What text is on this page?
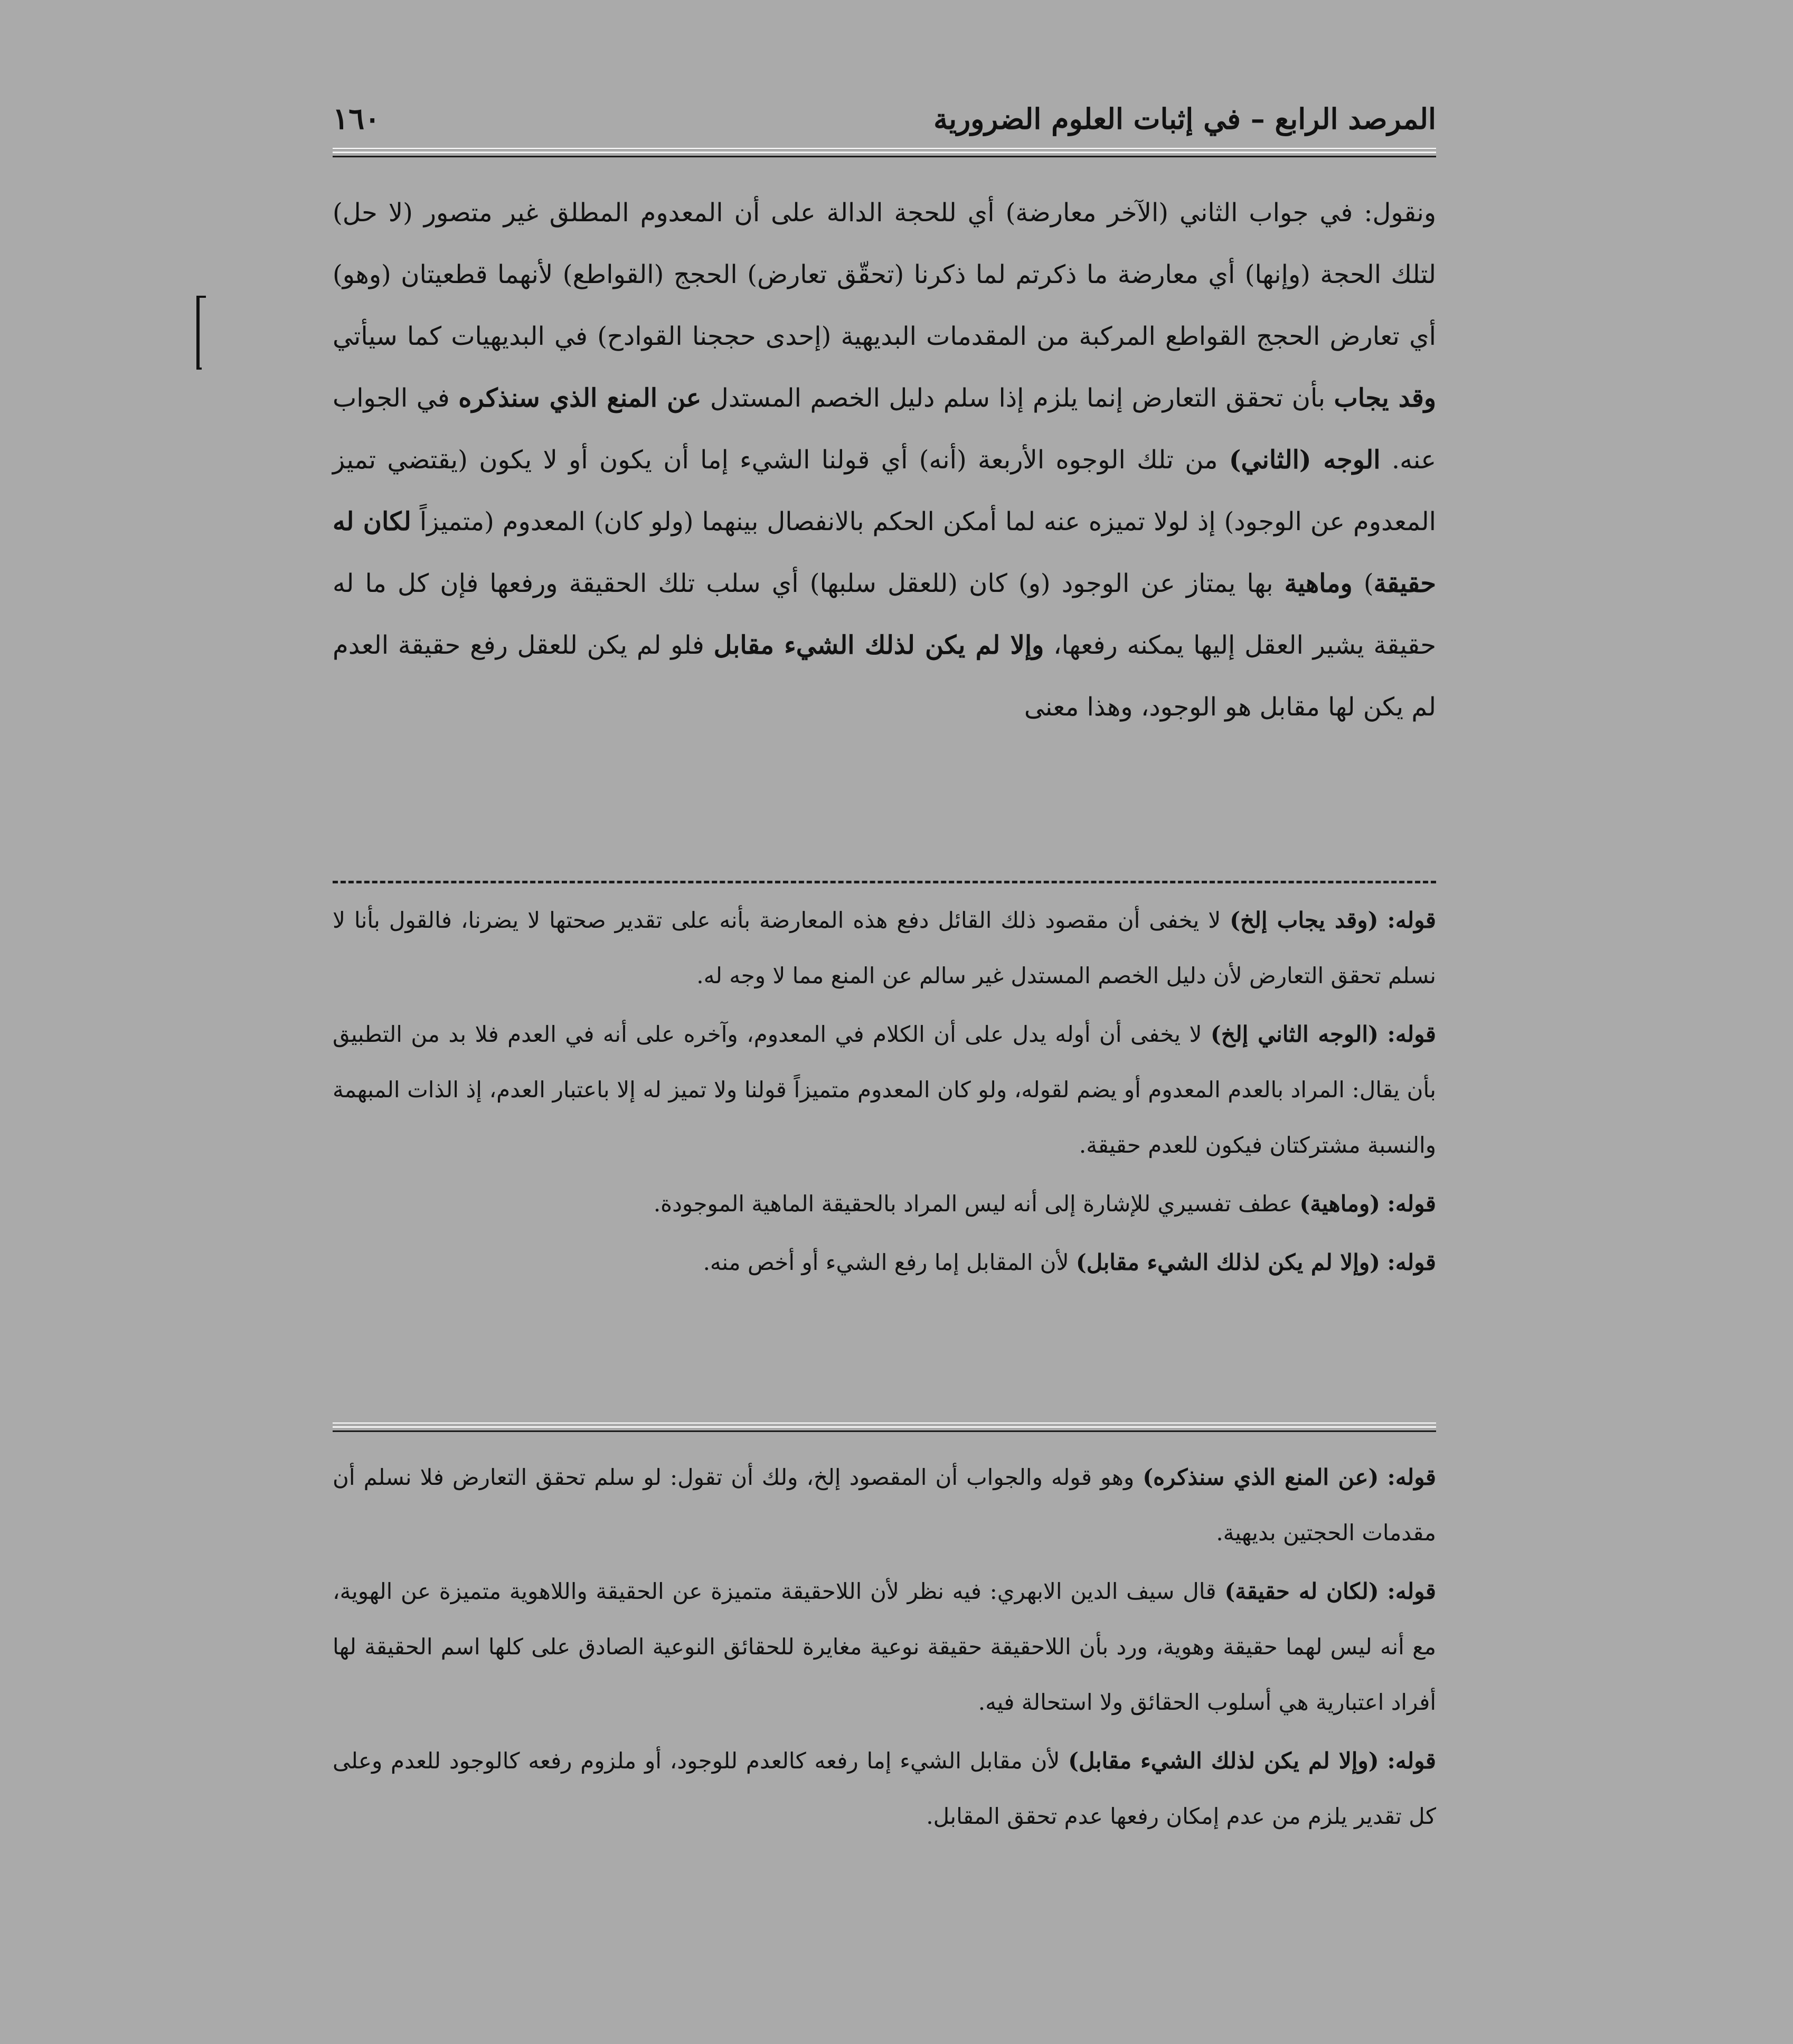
المرصد الرابع – في إثبات العلوم الضرورية
١٦٠

ونقول: في جواب الثاني (الآخر معارضة) أي للحجة الدالة على أن المعدوم المطلق غير متصور (لا حل) لتلك الحجة (وإنها) أي معارضة ما ذكرتم لما ذكرنا (تحقّق تعارض) الحجج (القواطع) لأنهما قطعيتان (وهو) أي تعارض الحجج القواطع المركبة من المقدمات البديهية (إحدى حججنا القوادح) في البديهيات كما سيأتي وقد يجاب بأن تحقق التعارض إنما يلزم إذا سلم دليل الخصم المستدل عن المنع الذي سنذكره في الجواب عنه. الوجه (الثاني) من تلك الوجوه الأربعة (أنه) أي قولنا الشيء إما أن يكون أو لا يكون (يقتضي تميز المعدوم عن الوجود) إذ لولا تميزه عنه لما أمكن الحكم بالانفصال بينهما (ولو كان) المعدوم (متميزاً لكان له حقيقة) وماهية بها يمتاز عن الوجود (و) كان (للعقل سلبها) أي سلب تلك الحقيقة ورفعها فإن كل ما له حقيقة يشير العقل إليها يمكنه رفعها، وإلا لم يكن لذلك الشيء مقابل فلو لم يكن للعقل رفع حقيقة العدم لم يكن لها مقابل هو الوجود، وهذا معنى

قوله: (وقد يجاب إلخ) لا يخفى أن مقصود ذلك القائل دفع هذه المعارضة بأنه على تقدير صحتها لا يضرنا، فالقول بأنا لا نسلم تحقق التعارض لأن دليل الخصم المستدل غير سالم عن المنع مما لا وجه له.

قوله: (الوجه الثاني إلخ) لا يخفى أن أوله يدل على أن الكلام في المعدوم، وآخره على أنه في العدم فلا بد من التطبيق بأن يقال: المراد بالعدم المعدوم أو يضم لقوله، ولو كان المعدوم متميزاً قولنا ولا تميز له إلا باعتبار العدم، إذ الذات المبهمة والنسبة مشتركتان فيكون للعدم حقيقة.

قوله: (وماهية) عطف تفسيري للإشارة إلى أنه ليس المراد بالحقيقة الماهية الموجودة.

قوله: (وإلا لم يكن لذلك الشيء مقابل) لأن المقابل إما رفع الشيء أو أخص منه.

قوله: (عن المنع الذي سنذكره) وهو قوله والجواب أن المقصود إلخ، ولك أن تقول: لو سلم تحقق التعارض فلا نسلم أن مقدمات الحجتين بديهية.

قوله: (لكان له حقيقة) قال سيف الدين الابهري: فيه نظر لأن اللاحقيقة متميزة عن الحقيقة واللاهوية متميزة عن الهوية، مع أنه ليس لهما حقيقة وهوية، ورد بأن اللاحقيقة حقيقة نوعية مغايرة للحقائق النوعية الصادق على كلها اسم الحقيقة لها أفراد اعتبارية هي أسلوب الحقائق ولا استحالة فيه.

قوله: (وإلا لم يكن لذلك الشيء مقابل) لأن مقابل الشيء إما رفعه كالعدم للوجود، أو ملزوم رفعه كالوجود للعدم وعلى كل تقدير يلزم من عدم إمكان رفعها عدم تحقق المقابل.
